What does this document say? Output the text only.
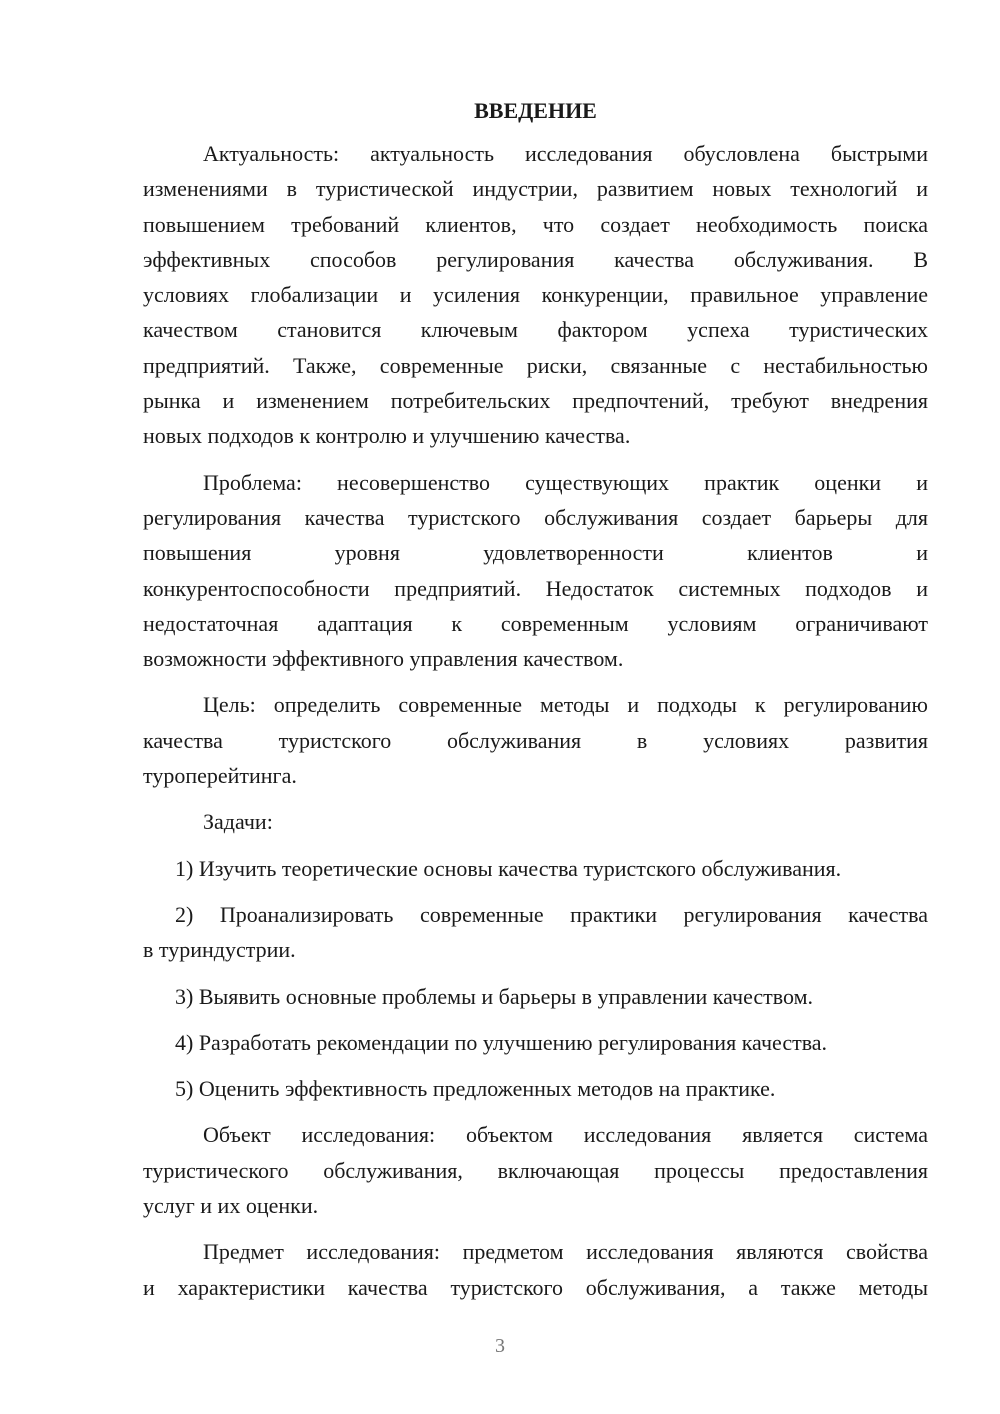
ВВЕДЕНИЕ
Актуальность: актуальность исследования обусловлена быстрыми
изменениями в туристической индустрии, развитием новых технологий и
повышением требований клиентов, что создает необходимость поиска
эффективных способов регулирования качества обслуживания. В
условиях глобализации и усиления конкуренции, правильное управление
качеством становится ключевым фактором успеха туристических
предприятий. Также, современные риски, связанные с нестабильностью
рынка и изменением потребительских предпочтений, требуют внедрения
новых подходов к контролю и улучшению качества.
Проблема: несовершенство существующих практик оценки и
регулирования качества туристского обслуживания создает барьеры для
повышения уровня удовлетворенности клиентов и
конкурентоспособности предприятий. Недостаток системных подходов и
недостаточная адаптация к современным условиям ограничивают
возможности эффективного управления качеством.
Цель: определить современные методы и подходы к регулированию
качества туристского обслуживания в условиях развития
туроперейтинга.
Задачи:
1) Изучить теоретические основы качества туристского обслуживания.
2) Проанализировать современные практики регулирования качества
в туриндустрии.
3) Выявить основные проблемы и барьеры в управлении качеством.
4) Разработать рекомендации по улучшению регулирования качества.
5) Оценить эффективность предложенных методов на практике.
Объект исследования: объектом исследования является система
туристического обслуживания, включающая процессы предоставления
услуг и их оценки.
Предмет исследования: предметом исследования являются свойства
и характеристики качества туристского обслуживания, а также методы
3
